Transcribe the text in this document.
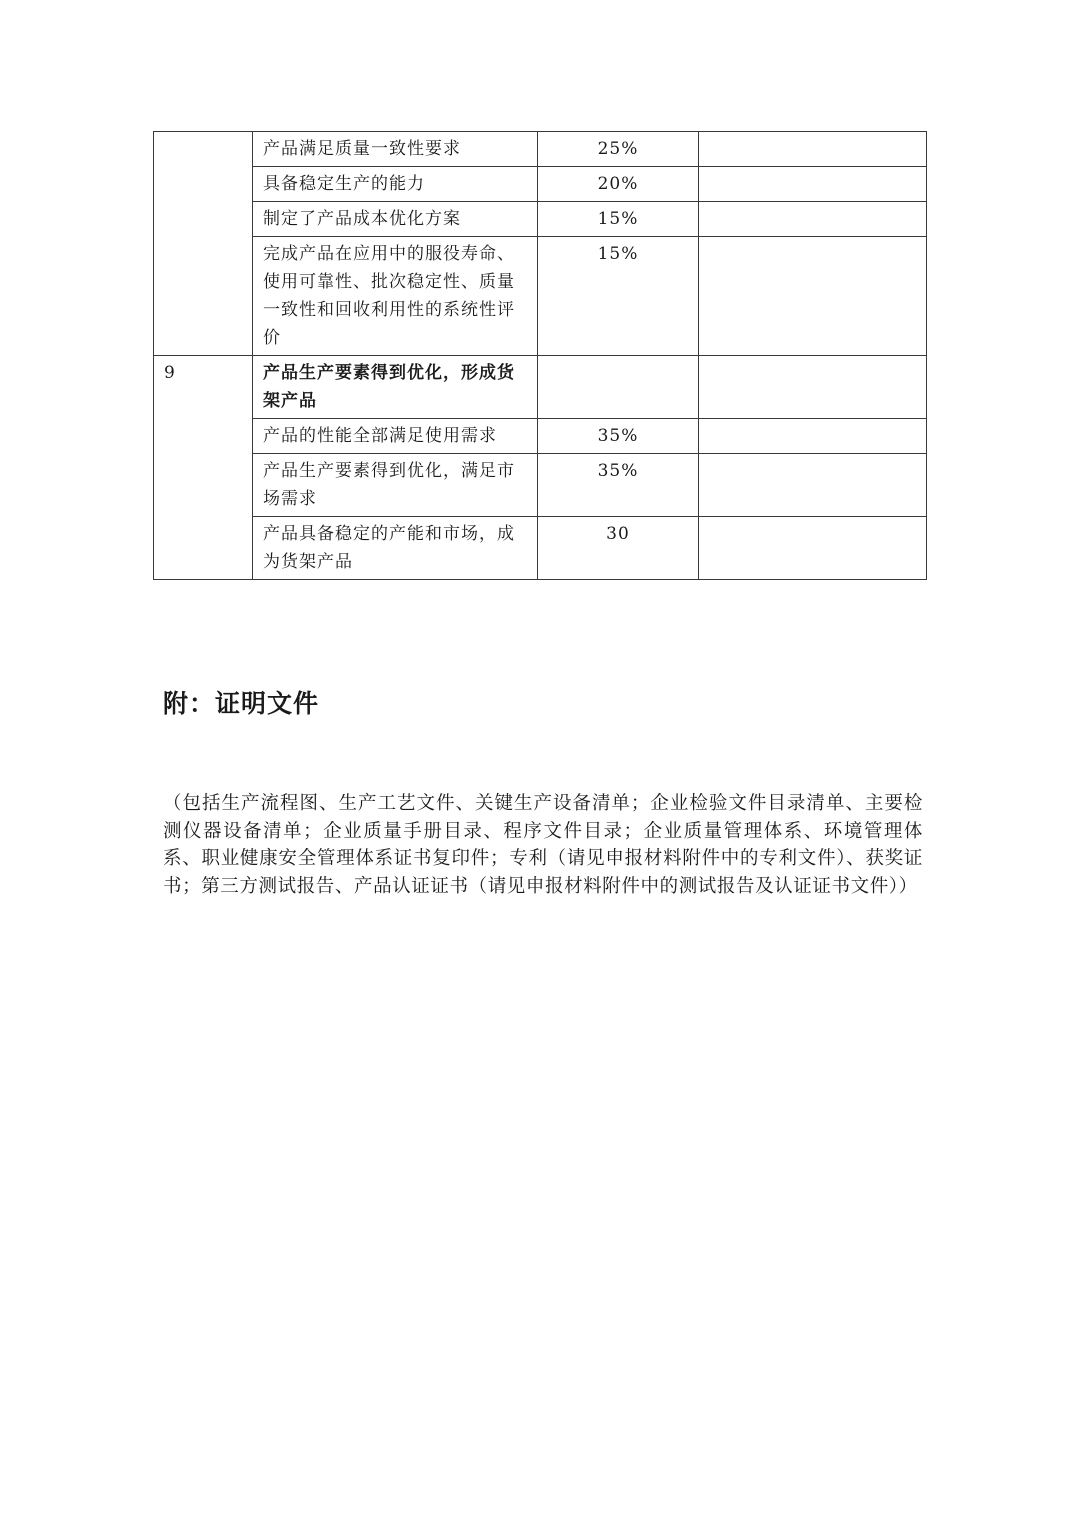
	产品满足质量一致性要求	25%	
	具备稳定生产的能力	20%	
	制定了产品成本优化方案	15%	
	完成产品在应用中的服役寿命、使用可靠性、批次稳定性、质量一致性和回收利用性的系统性评价	15%	
9	产品生产要素得到优化，形成货架产品		
	产品的性能全部满足使用需求	35%	
	产品生产要素得到优化，满足市场需求	35%	
	产品具备稳定的产能和市场，成为货架产品	30	
附：证明文件
（包括生产流程图、生产工艺文件、关键生产设备清单；企业检验文件目录清单、主要检测仪器设备清单；企业质量手册目录、程序文件目录；企业质量管理体系、环境管理体系、职业健康安全管理体系证书复印件；专利（请见申报材料附件中的专利文件）、获奖证书；第三方测试报告、产品认证证书（请见申报材料附件中的测试报告及认证证书文件））
